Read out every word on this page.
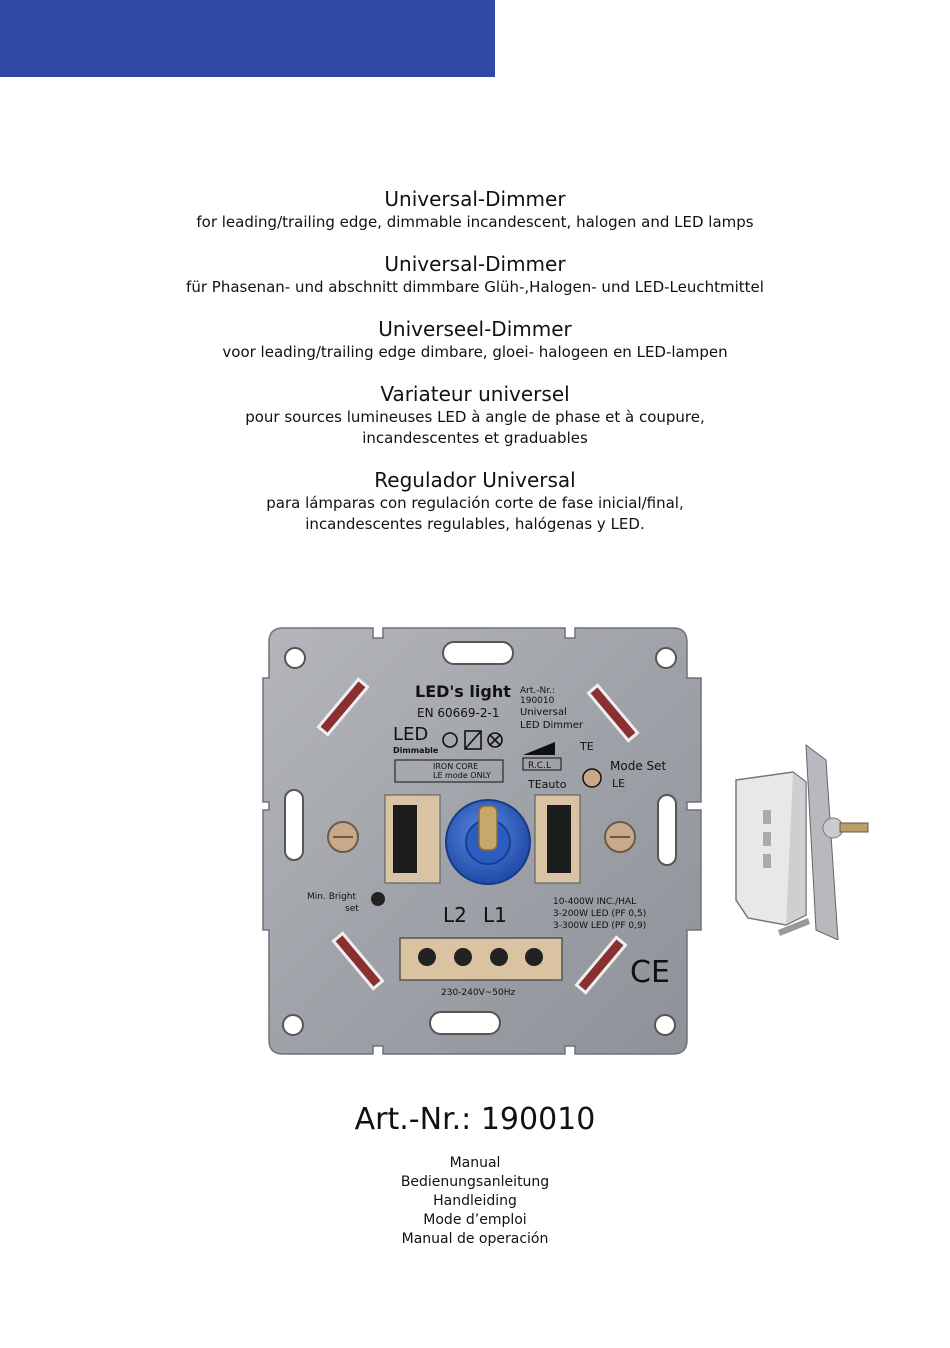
Universal-Dimmer
for leading/trailing edge, dimmable incandescent, halogen and LED lamps
Universal-Dimmer
für Phasenan- und abschnitt dimmbare Glüh-,Halogen- und LED-Leuchtmittel
Universeel-Dimmer
voor leading/trailing edge dimbare, gloei- halogeen en LED-lampen
Variateur universel
pour sources lumineuses LED à angle de phase et à coupure,
incandescentes et graduables
Regulador Universal
para lámparas con regulación corte de fase inicial/final,
incandescentes regulables, halógenas y LED.
LED's light
EN 60669-2-1
Art.-Nr.:
190010
Universal
LED Dimmer
LED
Dimmable
IRON CORE
LE mode ONLY
TE
R.C.L
TEauto
Mode Set
LE
Min. Bright
set	L2 L1
10-400W INC./HAL
3-200W LED (PF 0,5)
3-300W LED (PF 0,9)
230-240V~50Hz
CE
Art.-Nr.: 190010
Manual
Bedienungsanleitung
Handleiding
Mode d’emploi
Manual de operación
